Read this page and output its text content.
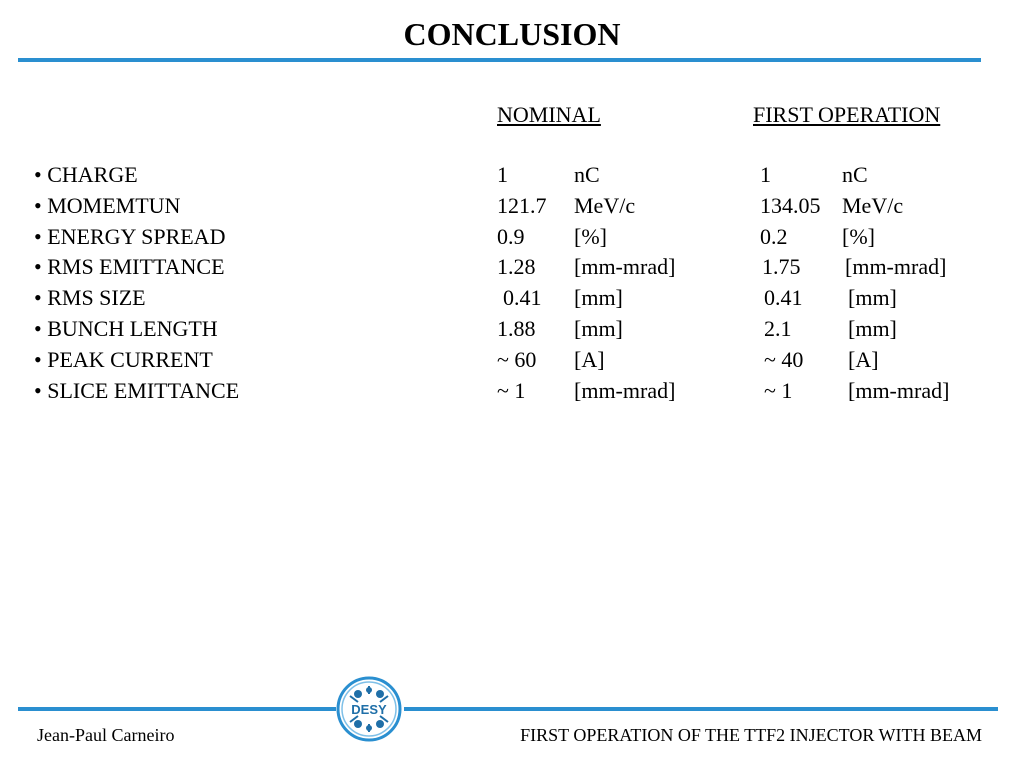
CONCLUSION
NOMINAL	FIRST OPERATION
• CHARGE	1	nC	1	nC
• MOMEMTUN	121.7 MeV/c	134.05 MeV/c
• ENERGY SPREAD	0.9 [%]	0.2 [%]
• RMS EMITTANCE	1.28 [mm-mrad]	1.75 [mm-mrad]
• RMS SIZE	0.41 [mm]	0.41 [mm]
• BUNCH LENGTH	1.88 [mm]	2.1	[mm]
• PEAK CURRENT	~ 60 [A]	~ 40 [A]
• SLICE EMITTANCE	~ 1 [mm-mrad]	~ 1	[mm-mrad]
DESY
Jean-Paul Carneiro	FIRST OPERATION OF THE TTF2 INJECTOR WITH BEAM
